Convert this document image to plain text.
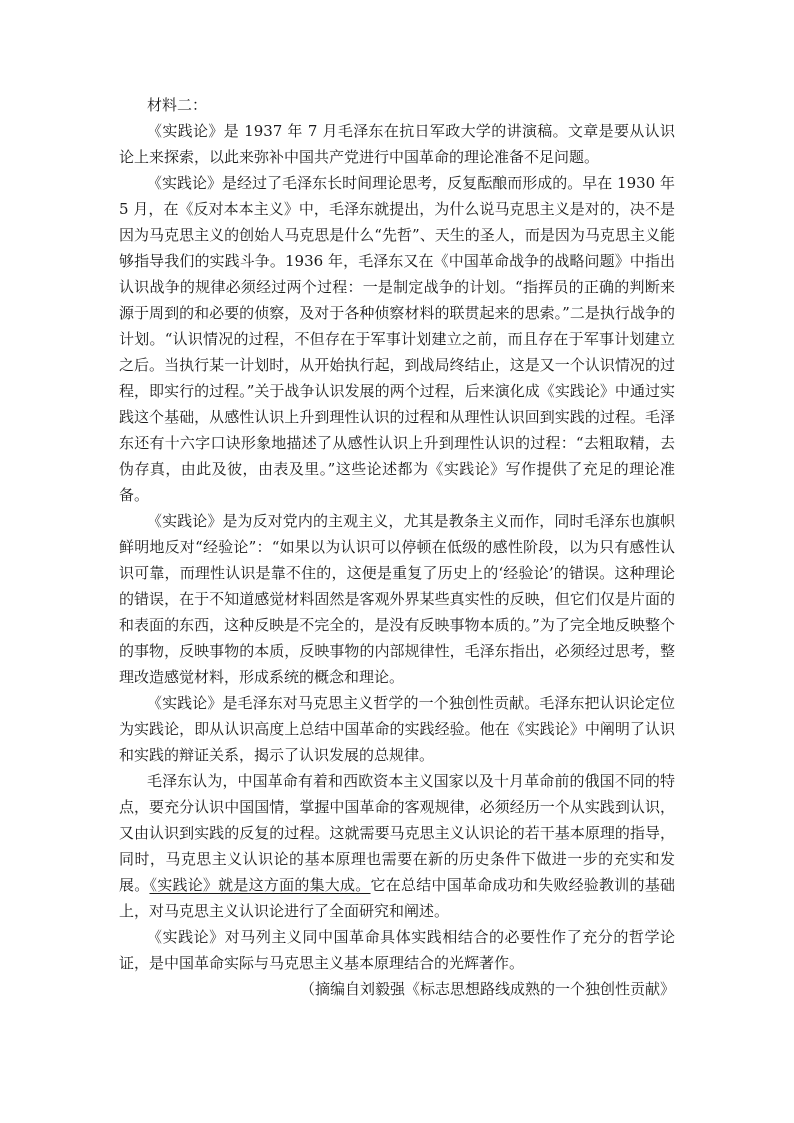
材料二：

《实践论》是 1937 年 7 月毛泽东在抗日军政大学的讲演稿。文章是要从认识论上来探索，以此来弥补中国共产党进行中国革命的理论准备不足问题。

《实践论》是经过了毛泽东长时间理论思考，反复酝酿而形成的。早在 1930 年 5 月，在《反对本本主义》中，毛泽东就提出，为什么说马克思主义是对的，决不是因为马克思主义的创始人马克思是什么“先哲”、天生的圣人，而是因为马克思主义能够指导我们的实践斗争。1936 年，毛泽东又在《中国革命战争的战略问题》中指出认识战争的规律必须经过两个过程：一是制定战争的计划。“指挥员的正确的判断来源于周到的和必要的侦察，及对于各种侦察材料的联贯起来的思索。”二是执行战争的计划。“认识情况的过程，不但存在于军事计划建立之前，而且存在于军事计划建立之后。当执行某一计划时，从开始执行起，到战局终结止，这是又一个认识情况的过程，即实行的过程。”关于战争认识发展的两个过程，后来演化成《实践论》中通过实践这个基础，从感性认识上升到理性认识的过程和从理性认识回到实践的过程。毛泽东还有十六字口诀形象地描述了从感性认识上升到理性认识的过程：“去粗取精，去伪存真，由此及彼，由表及里。”这些论述都为《实践论》写作提供了充足的理论准备。

《实践论》是为反对党内的主观主义，尤其是教条主义而作，同时毛泽东也旗帜鲜明地反对“经验论”：“如果以为认识可以停顿在低级的感性阶段，以为只有感性认识可靠，而理性认识是靠不住的，这便是重复了历史上的‘经验论’的错误。这种理论的错误，在于不知道感觉材料固然是客观外界某些真实性的反映，但它们仅是片面的和表面的东西，这种反映是不完全的，是没有反映事物本质的。”为了完全地反映整个的事物，反映事物的本质，反映事物的内部规律性，毛泽东指出，必须经过思考，整理改造感觉材料，形成系统的概念和理论。

《实践论》是毛泽东对马克思主义哲学的一个独创性贡献。毛泽东把认识论定位为实践论，即从认识高度上总结中国革命的实践经验。他在《实践论》中阐明了认识和实践的辩证关系，揭示了认识发展的总规律。

毛泽东认为，中国革命有着和西欧资本主义国家以及十月革命前的俄国不同的特点，要充分认识中国国情，掌握中国革命的客观规律，必须经历一个从实践到认识，又由认识到实践的反复的过程。这就需要马克思主义认识论的若干基本原理的指导，同时，马克思主义认识论的基本原理也需要在新的历史条件下做进一步的充实和发展。《实践论》就是这方面的集大成。它在总结中国革命成功和失败经验教训的基础上，对马克思主义认识论进行了全面研究和阐述。

《实践论》对马列主义同中国革命具体实践相结合的必要性作了充分的哲学论证，是中国革命实际与马克思主义基本原理结合的光辉著作。

（摘编自刘毅强《标志思想路线成熟的一个独创性贡献》
